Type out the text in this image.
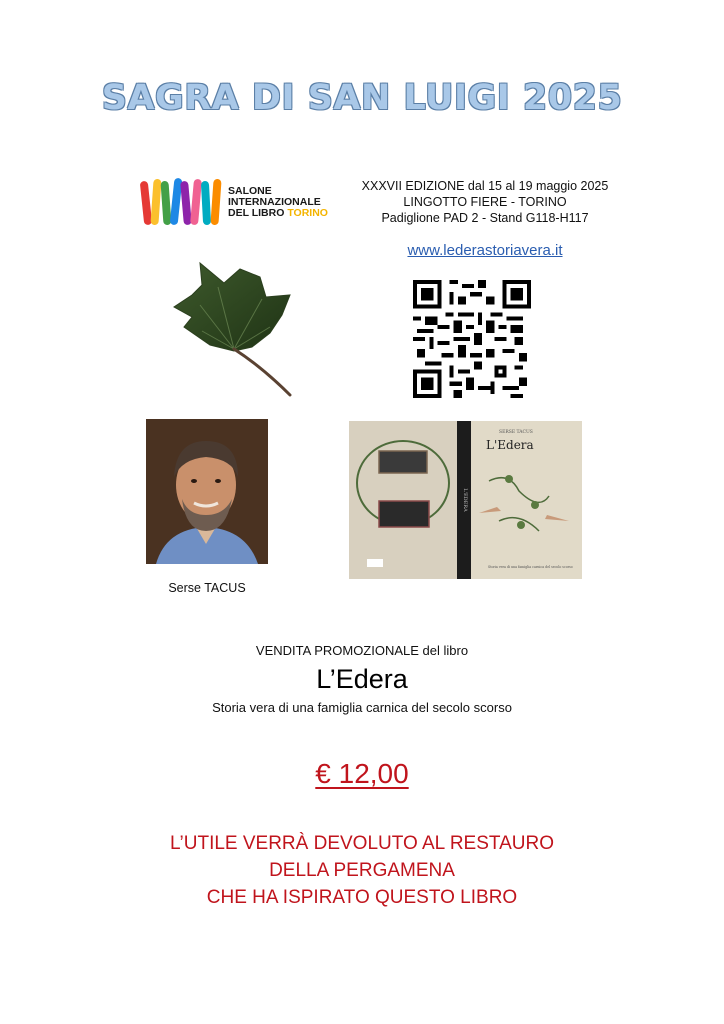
SAGRA DI SAN LUIGI 2025
SALONE
INTERNAZIONALE
DEL LIBRO TORINO
XXXVII EDIZIONE dal 15 al 19 maggio 2025
LINGOTTO FIERE - TORINO
Padiglione PAD 2 - Stand G118-H117
www.lederastoriavera.it
Serse TACUS
L'EDERA
SERSE TACUS
L'Edera
Storia vera di una famiglia carnica del secolo scorso
VENDITA PROMOZIONALE del libro
L’Edera
Storia vera di una famiglia carnica del secolo scorso
€ 12,00
L’UTILE VERRÀ DEVOLUTO AL RESTAURO
DELLA PERGAMENA
CHE HA ISPIRATO QUESTO LIBRO
